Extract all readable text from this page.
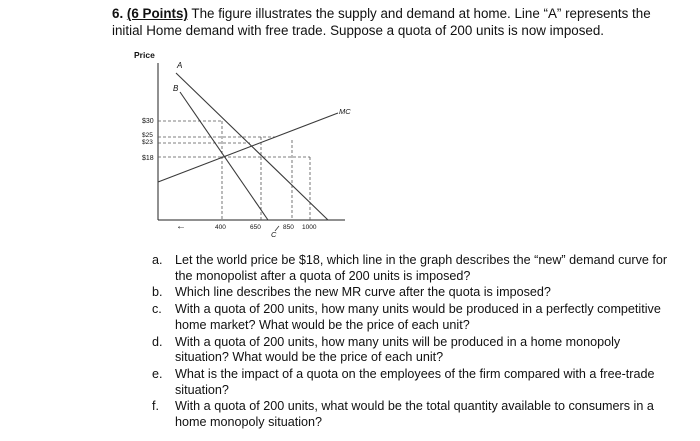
6. (6 Points) The figure illustrates the supply and demand at home. Line “A” represents the
initial Home demand with free trade. Suppose a quota of 200 units is now imposed.
Price
A
B
MC
C
$30
$25
$23
$18
400	650	850 1000
←
a. Let the world price be $18, which line in the graph describes the “new” demand curve for the monopolist after a quota of 200 units is imposed?
b. Which line describes the new MR curve after the quota is imposed?
c. With a quota of 200 units, how many units would be produced in a perfectly competitive home market? What would be the price of each unit?
d. With a quota of 200 units, how many units will be produced in a home monopoly situation? What would be the price of each unit?
e. What is the impact of a quota on the employees of the firm compared with a free-trade situation?
f. With a quota of 200 units, what would be the total quantity available to consumers in a home monopoly situation?
